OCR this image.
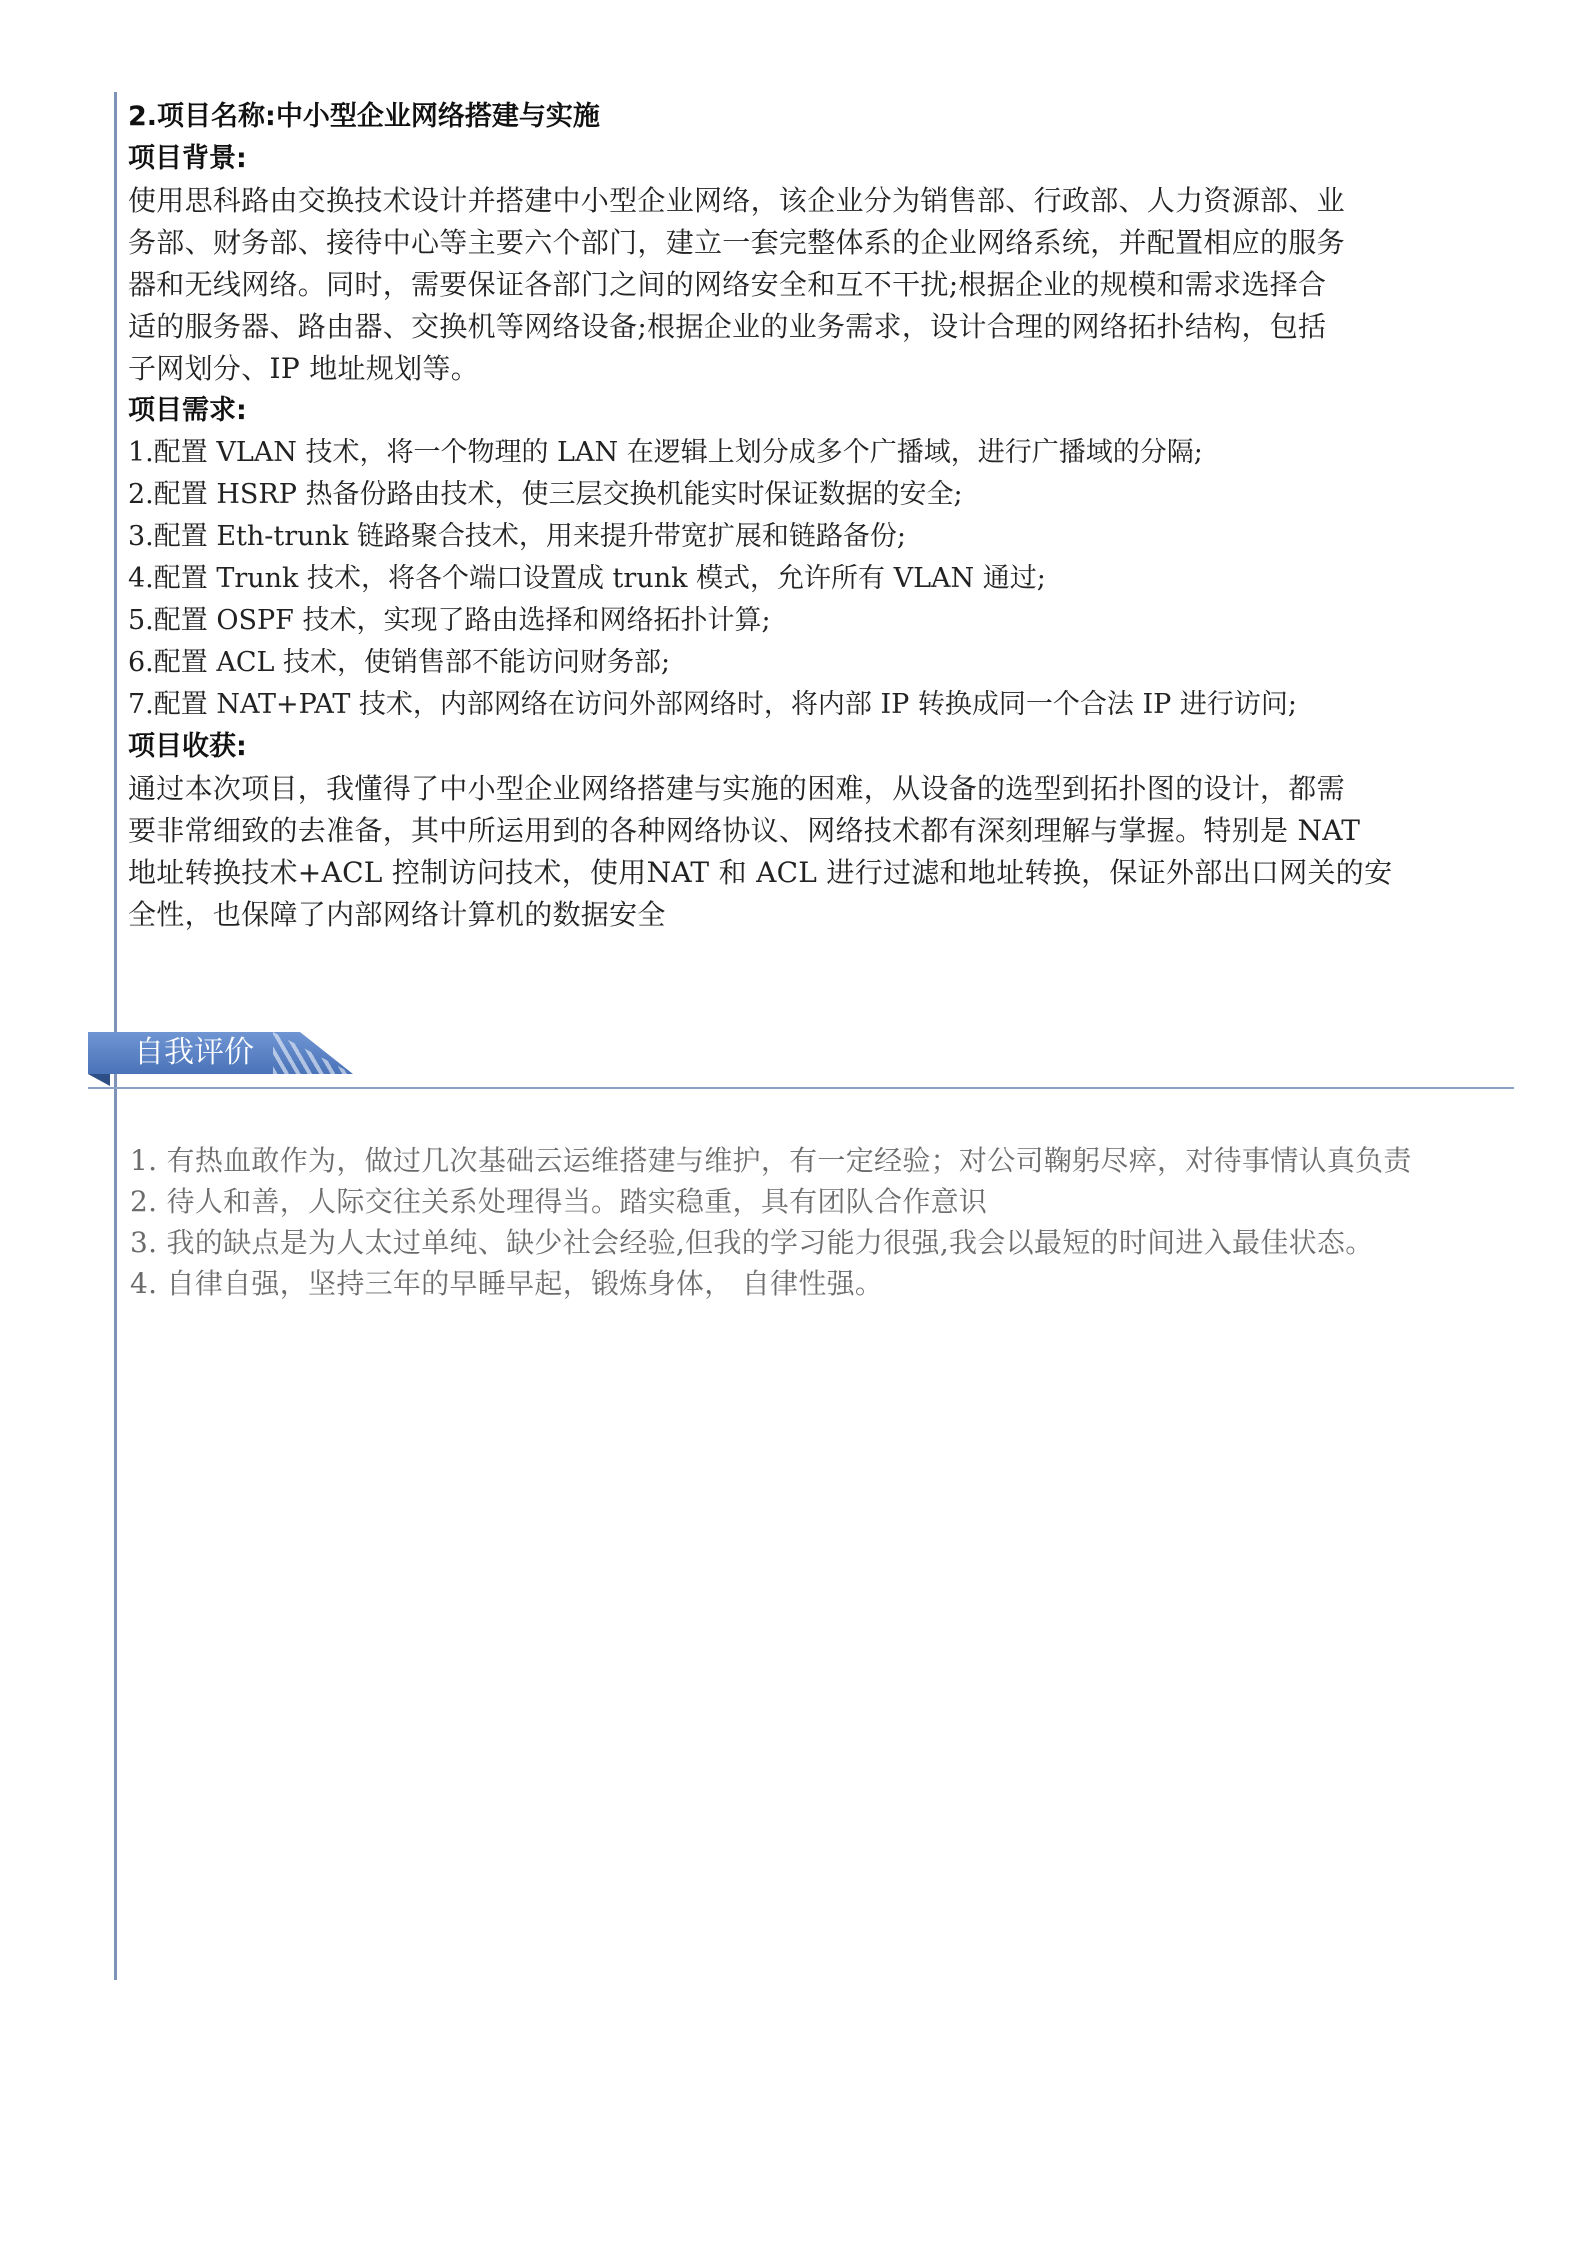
2.项目名称:中小型企业网络搭建与实施
项目背景:

使用思科路由交换技术设计并搭建中小型企业网络，该企业分为销售部、行政部、人力资源部、业

务部、财务部、接待中心等主要六个部门，建立一套完整体系的企业网络系统，并配置相应的服务

器和无线网络。同时，需要保证各部门之间的网络安全和互不干扰;根据企业的规模和需求选择合

适的服务器、路由器、交换机等网络设备;根据企业的业务需求，设计合理的网络拓扑结构，包括

子网划分、IP 地址规划等。

项目需求:
1.配置 VLAN 技术，将一个物理的 LAN 在逻辑上划分成多个广播域，进行广播域的分隔;
2.配置 HSRP 热备份路由技术，使三层交换机能实时保证数据的安全;
3.配置 Eth-trunk 链路聚合技术，用来提升带宽扩展和链路备份;
4.配置 Trunk 技术，将各个端口设置成 trunk 模式，允许所有 VLAN 通过;
5.配置 OSPF 技术，实现了路由选择和网络拓扑计算;
6.配置 ACL 技术，使销售部不能访问财务部;
7.配置 NAT+PAT 技术，内部网络在访问外部网络时，将内部 IP 转换成同一个合法 IP 进行访问;
项目收获:

通过本次项目，我懂得了中小型企业网络搭建与实施的困难，从设备的选型到拓扑图的设计，都需

要非常细致的去准备，其中所运用到的各种网络协议、网络技术都有深刻理解与掌握。特别是 NAT

地址转换技术+ACL 控制访问技术，使用NAT 和 ACL 进行过滤和地址转换，保证外部出口网关的安

全性，也保障了内部网络计算机的数据安全

自我评价
1. 有热血敢作为，做过几次基础云运维搭建与维护，有一定经验；对公司鞠躬尽瘁，对待事情认真负责
2. 待人和善，人际交往关系处理得当。踏实稳重，具有团队合作意识
3. 我的缺点是为人太过单纯、缺少社会经验,但我的学习能力很强,我会以最短的时间进入最佳状态。
4. 自律自强，坚持三年的早睡早起，锻炼身体， 自律性强。
